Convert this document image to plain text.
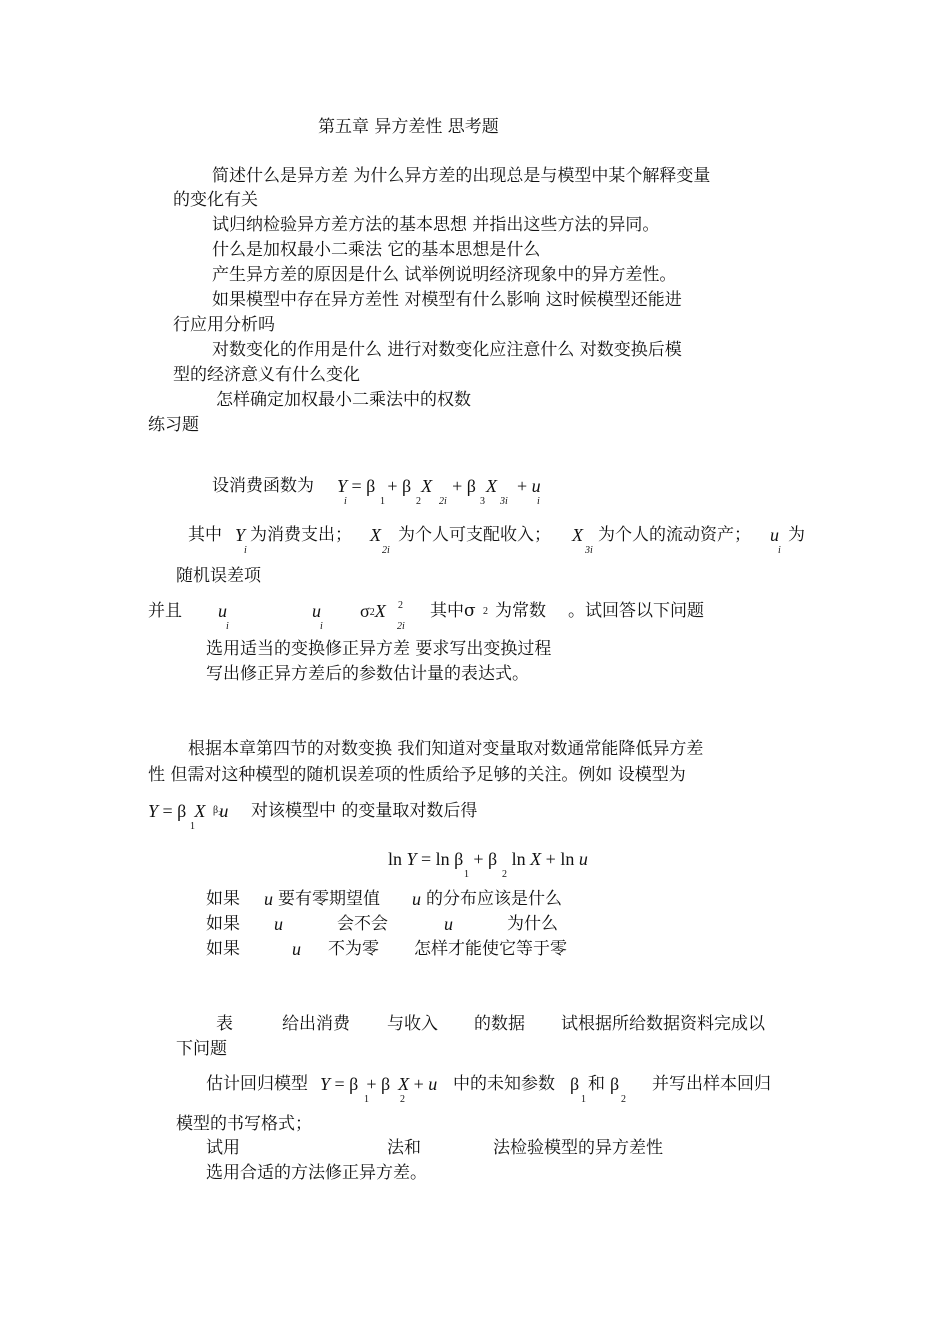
第五章 异方差性 思考题
简述什么是异方差 为什么异方差的出现总是与模型中某个解释变量
的变化有关
试归纳检验异方差方法的基本思想 并指出这些方法的异同。
什么是加权最小二乘法 它的基本思想是什么
产生异方差的原因是什么 试举例说明经济现象中的异方差性。
如果模型中存在异方差性 对模型有什么影响 这时候模型还能进
行应用分析吗
对数变化的作用是什么 进行对数变化应注意什么 对数变换后模
型的经济意义有什么变化
怎样确定加权最小二乘法中的权数
练习题
设消费函数为 Y = β + β X + β X + u
i	1	2 2i	3 3i	i
其中 Y
i
为消费支出； X
2i
为个人可支配收入； X
3i
为个人的流动资产； u
i
为
随机误差项
并且 u
i
u
i
σ2X 2
2i
其中σ 2 为常数 。试回答以下问题
选用适当的变换修正异方差 要求写出变换过程
写出修正异方差后的参数估计量的表达式。
根据本章第四节的对数变换 我们知道对变量取对数通常能降低异方差
性 但需对这种模型的随机误差项的性质给予足够的关注。例如 设模型为
Y = β X u
1
β₂ 对该模型中 的变量取对数后得
ln Y = ln β + β ln X + ln u
1	2
如果 u 要有零期望值 u 的分布应该是什么
如果 u	会不会	u	为什么
如果	u 不为零 怎样才能使它等于零
表	给出消费 与收入 的数据 试根据所给数据资料完成以
下问题
估计回归模型 Y = β + β X + u
1	2
中的未知参数 β
1
和 β
2
并写出样本回归
模型的书写格式；
试用	法和	法检验模型的异方差性
选用合适的方法修正异方差。
